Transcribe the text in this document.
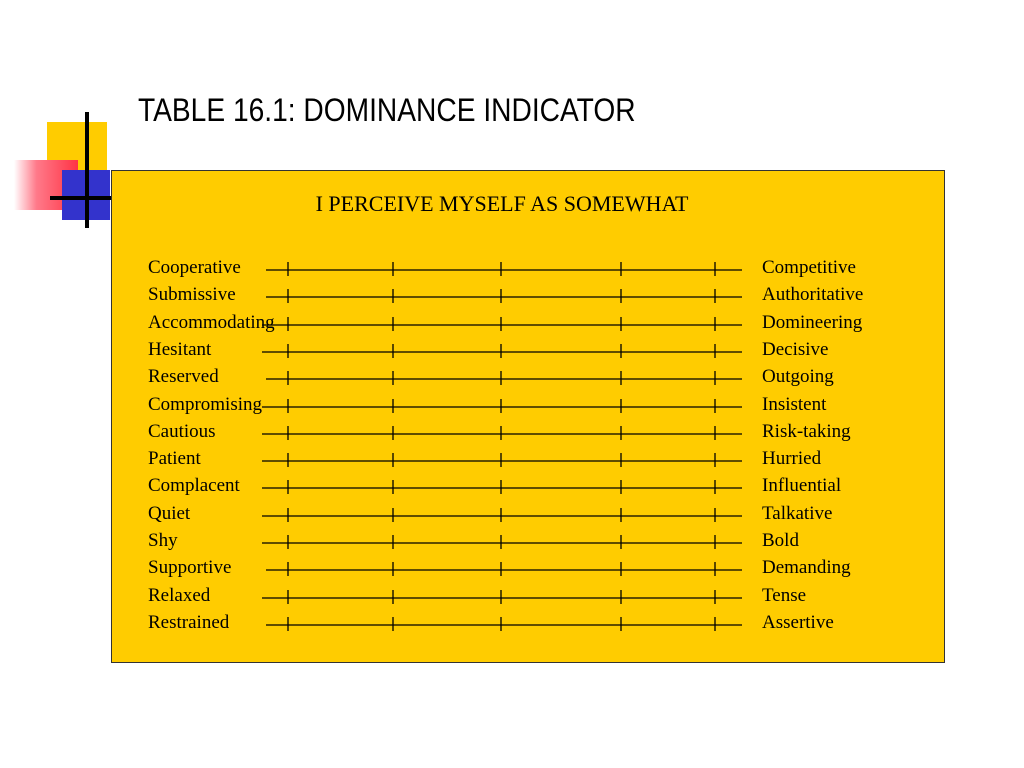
TABLE 16.1: DOMINANCE INDICATOR
I PERCEIVE MYSELF AS SOMEWHAT
Cooperative	Competitive
Submissive	Authoritative
Accommodating	Domineering
Hesitant	Decisive
Reserved	Outgoing
Compromising	Insistent
Cautious	Risk-taking
Patient	Hurried
Complacent	Influential
Quiet	Talkative
Shy	Bold
Supportive	Demanding
Relaxed	Tense
Restrained	Assertive
